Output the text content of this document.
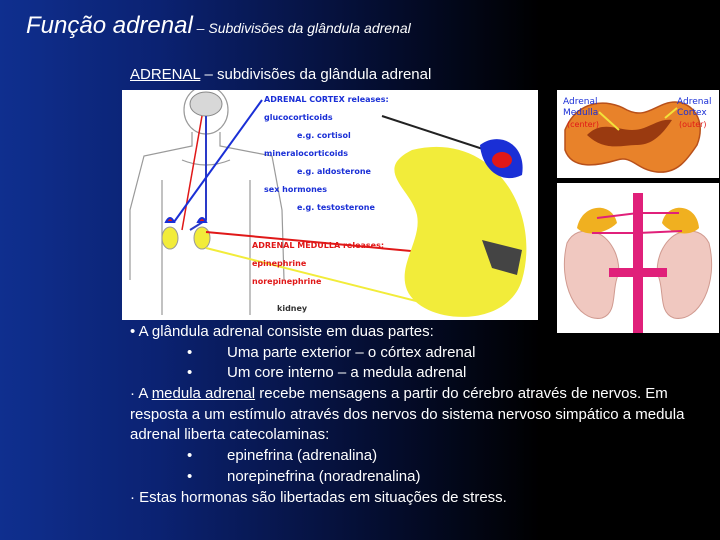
Função adrenal – Subdivisões da glândula adrenal
ADRENAL – subdivisões da glândula adrenal
ADRENAL CORTEX releases:
glucocorticoids
e.g. cortisol
mineralocorticoids
e.g. aldosterone
sex hormones
e.g. testosterone
ADRENAL MEDULLA releases:
epinephrine
norepinephrine
kidney
Adrenal
Medulla
(center)
Adrenal
Cortex
(outer)
• A glândula adrenal consiste em duas partes:
• Uma parte exterior – o córtex adrenal
• Um core interno – a medula adrenal
· A medula adrenal recebe mensagens a partir do cérebro através de nervos. Em resposta a um estímulo através dos nervos do sistema nervoso simpático a medula adrenal liberta catecolaminas:
• epinefrina (adrenalina)
• norepinefrina (noradrenalina)
· Estas hormonas são libertadas em situações de stress.
